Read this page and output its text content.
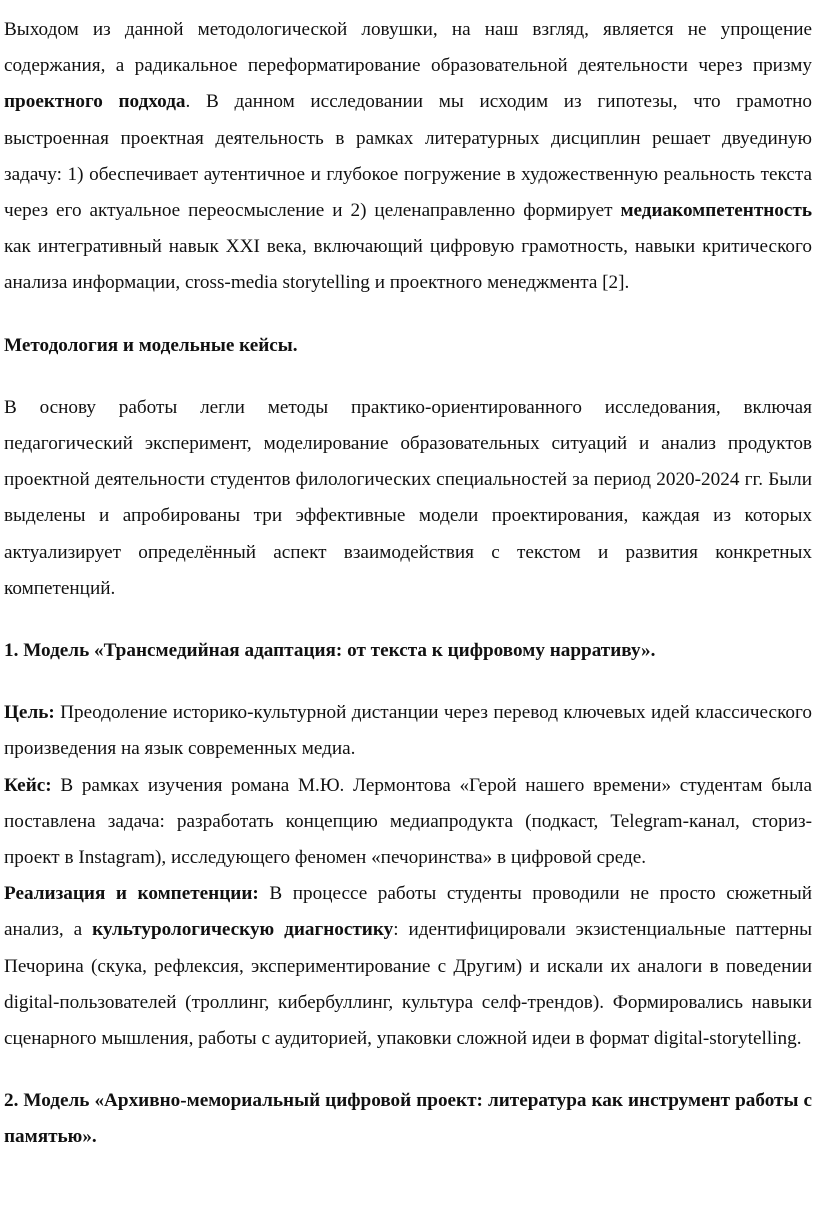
Выходом из данной методологической ловушки, на наш взгляд, является не упрощение содержания, а радикальное переформатирование образовательной деятельности через призму проектного подхода. В данном исследовании мы исходим из гипотезы, что грамотно выстроенная проектная деятельность в рамках литературных дисциплин решает двуединую задачу: 1) обеспечивает аутентичное и глубокое погружение в художественную реальность текста через его актуальное переосмысление и 2) целенаправленно формирует медиакомпетентность как интегративный навык XXI века, включающий цифровую грамотность, навыки критического анализа информации, cross-media storytelling и проектного менеджмента [2].

Методология и модельные кейсы.

В основу работы легли методы практико-ориентированного исследования, включая педагогический эксперимент, моделирование образовательных ситуаций и анализ продуктов проектной деятельности студентов филологических специальностей за период 2020-2024 гг. Были выделены и апробированы три эффективные модели проектирования, каждая из которых актуализирует определённый аспект взаимодействия с текстом и развития конкретных компетенций.

1. Модель «Трансмедийная адаптация: от текста к цифровому нарративу».

Цель: Преодоление историко-культурной дистанции через перевод ключевых идей классического произведения на язык современных медиа.

Кейс: В рамках изучения романа М.Ю. Лермонтова «Герой нашего времени» студентам была поставлена задача: разработать концепцию медиапродукта (подкаст, Telegram-канал, сториз-проект в Instagram), исследующего феномен «печоринства» в цифровой среде.

Реализация и компетенции: В процессе работы студенты проводили не просто сюжетный анализ, а культурологическую диагностику: идентифицировали экзистенциальные паттерны Печорина (скука, рефлексия, экспериментирование с Другим) и искали их аналоги в поведении digital-пользователей (троллинг, кибербуллинг, культура селф-трендов). Формировались навыки сценарного мышления, работы с аудиторией, упаковки сложной идеи в формат digital-storytelling.

2. Модель «Архивно-мемориальный цифровой проект: литература как инструмент работы с памятью».
